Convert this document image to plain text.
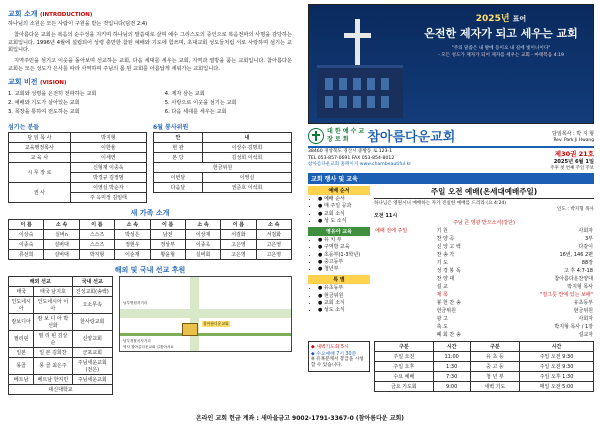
교회 소개 (INTRODUCTION)

하나님의 소원은 모든 사람이 구원을 받는 것입니다(딤전 2:4)

참아름다운 교회는 복음의 순수성을 지키며 하나님의 말씀대로 살며 예수 그리스도의 증인으로 복음전파의 사명을 감당하는 교회입니다. 1996년 4월에 설립되어 성령 충만한 참된 예배와 기도에 힘쓰며, 초대교회 성도들처럼 서로 사랑하며 섬기는 교회입니다.

지역주민을 섬기고 이웃을 돌아보며 선교하는 교회, 다음 세대를 세우는 교회, 지역과 열방을 품는 교회입니다. 참아름다운 교회는 모든 성도가 은사를 따라 사역하며 주님의 몸 된 교회를 아름답게 세워가는 교회입니다.

교회 비전 (VISION)
1. 교회와 성령을 온전히 전파하는 교회	4. 제자 삼는 교회
2. 예배와 기도가 살아있는 교회	5. 사랑으로 이웃을 섬기는 교회
3. 목장을 통하여 전도하는 교회	6. 다음 세대를 세우는 교회
섬기는 분들
담 임 목 사	박지형
교육행정목사	이한율
교 육 사	이세연
시 무 장 로	신형재 이종욱
	박경규 김정범
권 사	이영실 박순자
	주 옥미정 김임태
6월 봉사위원
안	내
현 관	이상수 김명희
본 당	김성희 이석희
헌금위원	
이번달	이영실
다음달	권준호 이석희
새 가족 소개
이 름	소 속	이 름	소 속	이 름	소 속	이 름	소 속
이상숙	실버ח	스스즈	박성은	남전	이상재	서검화	서검화
이종숙	실버대	스스즈	정현우	정상부	이종욱	고은영	고은영
류선희	실버대	박지형	이순재	황윤형	실버회	고은영	고은영
해외 및 국내 선교 후원
해외 선교		국내 선교
태국	태국 남지호	진성교회(송백)
인도네시아	인도네시아 이아	오소무속
캄보디아	캄 보 디 아 박선화	한사랑교회
필리핀	필 리 핀 김상순	신양교회
일본	일 본 김희찬	군포교회
몽골	몽 골 최은주	주님세운교회(전은)
베트남	베트남 한지민	주님세운교회
대신대학교		
남부병원자거리
참아름다운교회
남부경찰서사거리
역사 참아름다운교회 길찾아서요
2025년 표어
온전한 제자가 되고 세우는 교회
"주의 말씀은 내 발에 등이요 내 길에 빛이니이다"
- 모든 성도가 제자가 되어 제자를 세우는 교회 - 마태복음 4:19
대 한 예 수 교
장 로 회	참아름다운교회	담임목사 : 박 지 형
Rev. Park Ji Hwang
38460 경상북도 경산시 중방동 로 123-1
TEL 053-857-0691 FAX 053-854-8012
참아름다운교회 홈페이지 www.chambeautiful.kr
제30권 21호
2025년 6월 1일
주후 첫 번째 주일 주보
교회 행사 및 교육
예배 순서
• ● 예배 순서
• ● 매 주일 공과
• ● 교회 소식
• ● 성 도 소식
영유아 교육
• ● 유 치 부
• ● 구역방 교육
• ● 초등부(1-3학년)
• ● 중고등부
• ● 청년부
특 별
• ● 유초등부
• ● 현금위원
• ● 교회 소식
• ● 성도 소식
주일 오전 예배(온세대예배주일)
하나님은 영원시니 예배하는 자가 진실한 예배를 드리라 (요 4:24)
인도 : 박지형 목사
오전 11시
주님 큰 영광 받으소서(강단)
예배 전에 주일	기 원	사회자
	찬 양 곡	3부
	신 앙 고 백	다같이
	찬 송 가	16번, 146 2편
	기 도	88장
	성 경 봉 독	고 후 4:7-18
	찬 양 대	참아름다운찬양대
	설 교	박지형 목사
	제 목	"질그릇 안에 있는 보배"
	봉 헌 찬 송	유초등부
	헌금위원	현금위원
	광 고	사회자
	축 도	박지형 목사 / 1장
	폐 회 찬 송	설교자
◆ 새벽기도회 5시
◆ 수요예배 7시 30분
※ 유혹분께서 봉급을 시청할 수 있습니다.
구분	시간	구분	시간
주일 오전	11:00	유 초 등	주일 오전 9:30
주일 오후	1:30	중 고 등	주일 오전 9:30
수요 예배	7:30	청 년 부	주일 오후 1:30
금요 기도회	9:00	새벽 기도	매일 오전 5:00
온라인 교회 헌금 계좌 : 새마을금고 9002-1791-3367-0 (참아름다운 교회)
